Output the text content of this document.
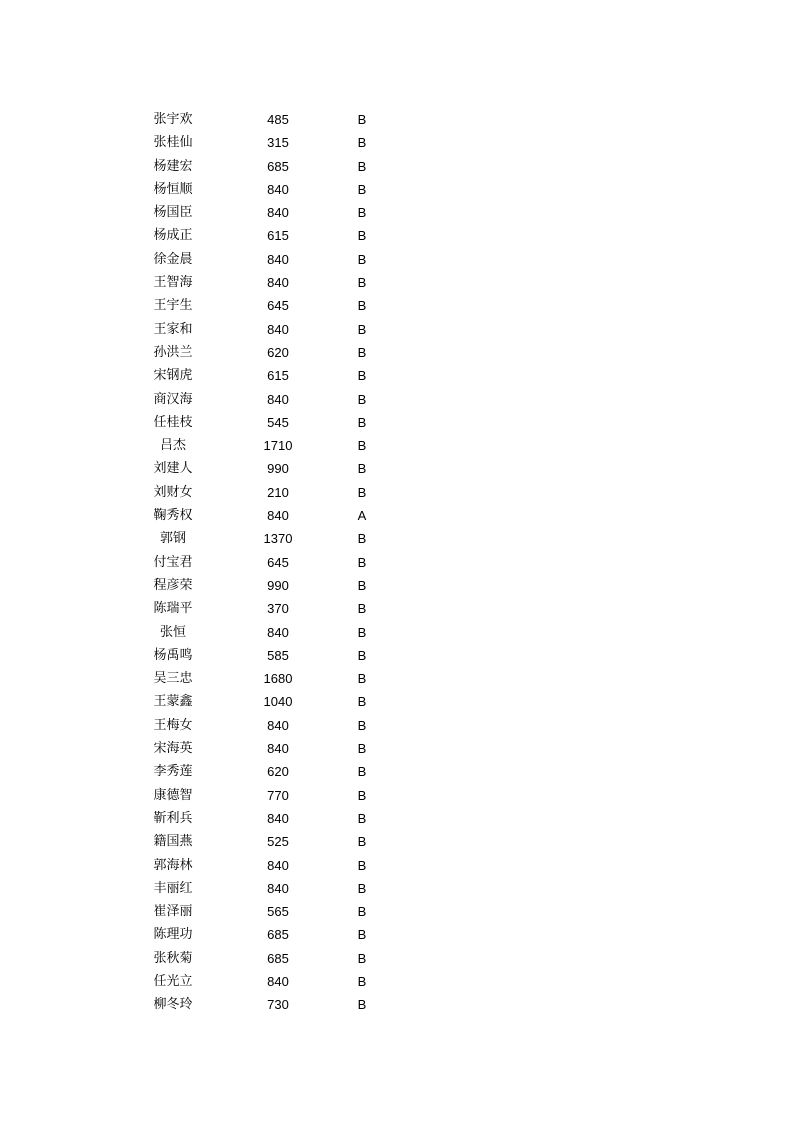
张宇欢	485	B
张桂仙	315	B
杨建宏	685	B
杨恒顺	840	B
杨国臣	840	B
杨成正	615	B
徐金晨	840	B
王智海	840	B
王宇生	645	B
王家和	840	B
孙洪兰	620	B
宋钢虎	615	B
商汉海	840	B
任桂枝	545	B
吕杰	1710	B
刘建人	990	B
刘财女	210	B
鞠秀权	840	A
郭钢	1370	B
付宝君	645	B
程彦荣	990	B
陈瑞平	370	B
张恒	840	B
杨禹鸣	585	B
吴三忠	1680	B
王蒙鑫	1040	B
王梅女	840	B
宋海英	840	B
李秀莲	620	B
康德智	770	B
靳利兵	840	B
籍国燕	525	B
郭海林	840	B
丰丽红	840	B
崔泽丽	565	B
陈理功	685	B
张秋菊	685	B
任光立	840	B
柳冬玲	730	B
